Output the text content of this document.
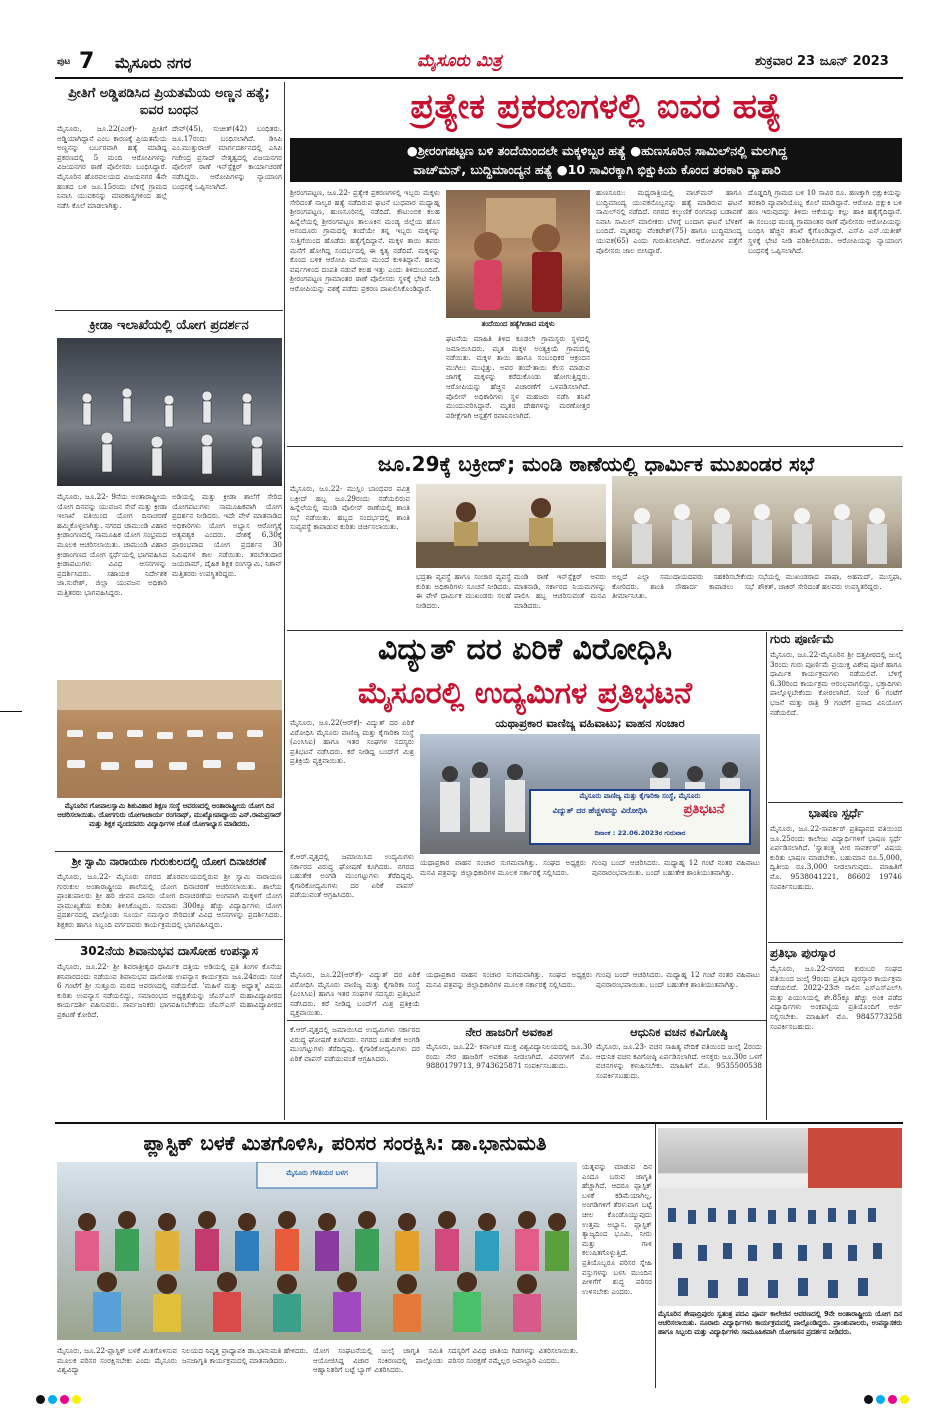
ಪುಟ 7 ಮೈಸೂರು ನಗರ	ಮೈಸೂರು ಮಿತ್ರ	ಶುಕ್ರವಾರ 23 ಜೂನ್ 2023
ಪ್ರೀತಿಗೆ ಅಡ್ಡಿಪಡಿಸಿದ ಪ್ರಿಯತಮೆಯ ಅಣ್ಣನ ಹತ್ಯೆ; ಐವರ ಬಂಧನ
ಮೈಸೂರು, ಜೂ.22(ಎಂಕೆ)- ಪ್ರೀತಿಗೆ ಅಡ್ಡಿಯಾಗಿದ್ದಾನೆ ಎಂಬ ಕಾರಣಕ್ಕೆ ಪ್ರಿಯತಮೆಯ ಅಣ್ಣನನ್ನು ಬರ್ಬರವಾಗಿ ಹತ್ಯೆ ಮಾಡಿದ್ದ ಪ್ರಕರಣದಲ್ಲಿ 5 ಮಂದಿ ಆರೋಪಿಗಳನ್ನು ವಿಜಯನಗರ ಠಾಣೆ ಪೊಲೀಸರು ಬಂಧಿಸಿದ್ದಾರೆ. ಮೈಸೂರಿನ ಹೊರವಲಯದ ವಿಜಯನಗರ 4ನೇ ಹಂತದ ಬಳಿ ಜೂ.15ರಂದು ಬೆಳಿಗ್ಗೆ ಗ್ರಾಮದ ನಿವಾಸಿ ಯುವಕನನ್ನು ಮಾರಕಾಸ್ತ್ರಗಳಿಂದ ಹಲ್ಲೆ ನಡೆಸಿ ಕೊಲೆ ಮಾಡಲಾಗಿತ್ತು.
ದೇವ್(45), ಸುಚೀತ್(42) ಬಂಧಿತರು. ಜೂ.17ರಂದು ಬಂಧಿಸಲಾಗಿದೆ. ಡಿಸಿಪಿ ಎಂ.ಮುತ್ತುರಾಜ್ ಮಾರ್ಗದರ್ಶನದಲ್ಲಿ ಎಸಿಪಿ ಗಜೇಂದ್ರ ಪ್ರಸಾದ್ ನೇತೃತ್ವದಲ್ಲಿ ವಿಜಯನಗರ ಪೊಲೀಸ್ ಠಾಣೆ ಇನ್‌ಸ್ಪೆಕ್ಟರ್ ಕಾರ್ಯಾಚರಣೆ ನಡೆಸಿದ್ದರು. ಆರೋಪಿಗಳನ್ನು ನ್ಯಾಯಾಂಗ ಬಂಧನಕ್ಕೆ ಒಪ್ಪಿಸಲಾಗಿದೆ.
ಕ್ರೀಡಾ ಇಲಾಖೆಯಲ್ಲಿ ಯೋಗ ಪ್ರದರ್ಶನ
ಮೈಸೂರು, ಜೂ.22- 9ನೆಯ ಅಂತಾರಾಷ್ಟ್ರೀಯ ಯೋಗ ದಿನವನ್ನು ಯುವಜನ ಸೇವೆ ಮತ್ತು ಕ್ರೀಡಾ ಇಲಾಖೆ ವತಿಯಿಂದ ಯೋಗ ದಿನಾಚರಣೆ ಹಮ್ಮಿಕೊಳ್ಳಲಾಗಿತ್ತು. ನಗರದ ಚಾಮುಂಡಿ ವಿಹಾರ ಕ್ರೀಡಾಂಗಣದಲ್ಲಿ ಸಾಮೂಹಿಕ ಯೋಗ ಸಂಭ್ರಮದ ಮೂಲಕ ಆಚರಿಸಲಾಯಿತು. ಚಾಮುಂಡಿ ವಿಹಾರ ಕ್ರೀಡಾಂಗಣದ ಯೋಗ ಸ್ಪರ್ಧೆಯಲ್ಲಿ ಭಾಗವಹಿಸಿದ ಕ್ರೀಡಾಪಟುಗಳು ವಿವಿಧ ಆಸನಗಳನ್ನು ಪ್ರದರ್ಶಿಸಿದರು. ಸಹಾಯಕ ನಿರ್ದೇಶಕ ಜಾ.ಸುರೇಶ್, ಜಿಲ್ಲಾ ಯುವಜನ ಅಧಿಕಾರಿ ಮತ್ತಿತರರು ಭಾಗವಹಿಸಿದ್ದರು.
ಅಡಿಯಲ್ಲಿ ಮತ್ತು ಕ್ರೀಡಾ ಶಾಲೆಗೆ ಸೇರಿದ ಯೋಗಪಟುಗಳು ಸಾಮೂಹಿಕವಾಗಿ ಯೋಗ ಪ್ರದರ್ಶನ ನೀಡಿದರು. ಇದೇ ವೇಳೆ ಮಾತನಾಡಿದ ಅಧಿಕಾರಿಗಳು ಯೋಗ ಅಭ್ಯಾಸ ಆರೋಗ್ಯಕ್ಕೆ ಅತ್ಯವಶ್ಯಕ ಎಂದರು. ದೇಶಕ್ಕೆ 6,30ಕ್ಕೆ ಪ್ರಾರಂಭವಾದ ಯೋಗ ಪ್ರದರ್ಶನ 30 ನಿಮಿಷಗಳ ಕಾಲ ನಡೆಯಿತು. ತರಬೇತುದಾರ ಜಯರಾಮ್, ದೈಹಿಕ ಶಿಕ್ಷಕ ರಂಗಸ್ವಾಮಿ, ನಿಶಾನ್ ಮತ್ತಿತರರು ಉಪಸ್ಥಿತರಿದ್ದರು.
ಮೈಸೂರಿನ ಗೋಪಾಲಸ್ವಾಮಿ ಶಿಶುವಿಹಾರ ಶಿಕ್ಷಣ ಸಂಸ್ಥೆ ಆವರಣದಲ್ಲಿ ಅಂತಾರಾಷ್ಟ್ರೀಯ ಯೋಗ ದಿನ ಆಚರಿಸಲಾಯಿತು. ಯೋಗಗುರು ಯೋಗಾಚಾರ್ಯ ರಂಗನಾಥ್, ಮುಖ್ಯೋಪಾಧ್ಯಾಯ ಎನ್.ರಾಮಪ್ರಸಾದ್ ಮತ್ತು ಶಿಕ್ಷಕ ವೃಂದದವರು ವಿದ್ಯಾರ್ಥಿಗಳ ಜೊತೆ ಯೋಗಾಭ್ಯಾಸ ಮಾಡಿದರು.
ಶ್ರೀ ಸ್ವಾಮಿ ನಾರಾಯಣ ಗುರುಕುಲದಲ್ಲಿ ಯೋಗ ದಿನಾಚರಣೆ
ಮೈಸೂರು, ಜೂ.22- ಮೈಸೂರು ನಗರದ ಹೊರವಲಯದಲ್ಲಿರುವ ಶ್ರೀ ಸ್ವಾಮಿ ನಾರಾಯಣ ಗುರುಕುಲ ಅಂತಾರಾಷ್ಟ್ರೀಯ ಶಾಲೆಯಲ್ಲಿ ಯೋಗ ದಿನಾಚರಣೆ ಆಚರಿಸಲಾಯಿತು. ಶಾಲೆಯ ಪ್ರಾಂಶುಪಾಲರು ಶ್ರೀ ಹರಿ ಜೀವನ ದಾಸರು ಯೋಗ ದಿನಾಚರಣೆಯ ಅಂಗವಾಗಿ ಮಕ್ಕಳಿಗೆ ಯೋಗ ಪ್ರಾಮುಖ್ಯತೆಯ ಕುರಿತು ತಿಳಿಸಿಕೊಟ್ಟರು. ಸುಮಾರು 300ಕ್ಕೂ ಹೆಚ್ಚು ವಿದ್ಯಾರ್ಥಿಗಳು ಯೋಗ ಪ್ರದರ್ಶನದಲ್ಲಿ ಪಾಲ್ಗೊಂಡು ಸೂರ್ಯ ನಮಸ್ಕಾರ ಸೇರಿದಂತೆ ವಿವಿಧ ಆಸನಗಳನ್ನು ಪ್ರದರ್ಶಿಸಿದರು. ಶಿಕ್ಷಕರು ಹಾಗೂ ಸಿಬ್ಬಂದಿ ವರ್ಗದವರು ಕಾರ್ಯಕ್ರಮದಲ್ಲಿ ಭಾಗವಹಿಸಿದ್ದರು.
302ನೆಯ ಶಿವಾನುಭವ ದಾಸೋಹ ಉಪನ್ಯಾಸ
ಮೈಸೂರು, ಜೂ.22- ಶ್ರೀ ಶಿವರಾತ್ರೀಶ್ವರ ಧಾರ್ಮಿಕ ದತ್ತಿಯ ಅಡಿಯಲ್ಲಿ ಪ್ರತಿ ತಿಂಗಳ ಕೊನೆಯ ಶನಿವಾರದಂದು ನಡೆಯುವ ಶಿವಾನುಭವ ದಾಸೋಹ ಉಪನ್ಯಾಸ ಕಾರ್ಯಕ್ರಮ ಜೂ.24ರಂದು ಸಂಜೆ 6 ಗಂಟೆಗೆ ಶ್ರೀ ಸುತ್ತೂರು ಮಠದ ಆವರಣದಲ್ಲಿ ನಡೆಯಲಿದೆ. 'ಮಹಿಳೆ ಮತ್ತು ಅಧ್ಯಾತ್ಮ' ವಿಷಯ ಕುರಿತು ಉಪನ್ಯಾಸ ನಡೆಯಲಿದ್ದು, ಸಮಾರಂಭದ ಅಧ್ಯಕ್ಷತೆಯನ್ನು ಜೆಎಸ್‌ಎಸ್ ಮಹಾವಿದ್ಯಾಪೀಠದ ಕಾರ್ಯದರ್ಶಿ ವಹಿಸುವರು. ಸಾರ್ವಜನಿಕರು ಭಾಗವಹಿಸಬೇಕೆಂದು ಜೆಎಸ್‌ಎಸ್ ಮಹಾವಿದ್ಯಾಪೀಠದ ಪ್ರಕಟಣೆ ಕೋರಿದೆ.
ಪ್ರತ್ಯೇಕ ಪ್ರಕರಣಗಳಲ್ಲಿ ಐವರ ಹತ್ಯೆ
●ಶ್ರೀರಂಗಪಟ್ಟಣ ಬಳಿ ತಂದೆಯಿಂದಲೇ ಮಕ್ಕಳಿಬ್ಬರ ಹತ್ಯೆ ●ಹುಣಸೂರಿನ ಸಾಮಿಲ್‌ನಲ್ಲಿ ಮಲಗಿದ್ದ
ವಾಚ್‌ಮನ್, ಬುದ್ಧಿಮಾಂದ್ಯನ ಹತ್ಯೆ ●10 ಸಾವಿರಕ್ಕಾಗಿ ಭಿಕ್ಷುಕಿಯ ಕೊಂದ ತರಕಾರಿ ವ್ಯಾಪಾರಿ
ಶ್ರೀರಂಗಪಟ್ಟಣ, ಜೂ.22- ಪ್ರತ್ಯೇಕ ಪ್ರಕರಣಗಳಲ್ಲಿ ಇಬ್ಬರು ಮಕ್ಕಳು ಸೇರಿದಂತೆ ನಾಲ್ವರ ಹತ್ಯೆ ನಡೆದಿರುವ ಘಟನೆ ಬುಧವಾರ ಮಧ್ಯಾಹ್ನ ಶ್ರೀರಂಗಪಟ್ಟಣ, ಹುಣಸೂರಿನಲ್ಲಿ ನಡೆದಿದೆ. ಕೌಟುಂಬಿಕ ಕಲಹ ಹಿನ್ನೆಲೆಯಲ್ಲಿ ಶ್ರೀರಂಗಪಟ್ಟಣ ತಾಲೂಕಿನ ಮಂಡ್ಯ ಜಿಲ್ಲೆಯ ಹೊಸ ಆನಂದೂರು ಗ್ರಾಮದಲ್ಲಿ ತಂದೆಯೇ ತನ್ನ ಇಬ್ಬರು ಮಕ್ಕಳನ್ನು ಸುತ್ತಿಗೆಯಿಂದ ಹೊಡೆದು ಹತ್ಯೆಗೈದಿದ್ದಾನೆ. ಮಕ್ಕಳ ತಾಯಿ ತವರು ಮನೆಗೆ ಹೋಗಿದ್ದ ಸಂದರ್ಭದಲ್ಲಿ ಈ ಕೃತ್ಯ ನಡೆದಿದೆ. ಮಕ್ಕಳನ್ನು ಕೊಂದ ಬಳಿಕ ಆರೋಪಿ ಮನೆಯ ಮುಂದೆ ಕುಳಿತಿದ್ದಾನೆ. ಹಲವು ವರ್ಷಗಳಿಂದ ದಂಪತಿ ನಡುವೆ ಕಲಹ ಇತ್ತು ಎಂದು ತಿಳಿದುಬಂದಿದೆ. ಶ್ರೀರಂಗಪಟ್ಟಣ ಗ್ರಾಮಾಂತರ ಠಾಣೆ ಪೊಲೀಸರು ಸ್ಥಳಕ್ಕೆ ಭೇಟಿ ನೀಡಿ ಆರೋಪಿಯನ್ನು ವಶಕ್ಕೆ ಪಡೆದು ಪ್ರಕರಣ ದಾಖಲಿಸಿಕೊಂಡಿದ್ದಾರೆ.
ತಂದೆಯಿಂದ ಹತ್ಯೆಗೀಡಾದ ಮಕ್ಕಳು
ಘಟನೆಯ ಮಾಹಿತಿ ತಿಳಿದ ಕೂಡಲೇ ಗ್ರಾಮಸ್ಥರು ಸ್ಥಳದಲ್ಲಿ ಜಮಾಯಿಸಿದರು. ಮೃತ ಮಕ್ಕಳ ಅಂತ್ಯಕ್ರಿಯೆ ಗ್ರಾಮದಲ್ಲಿ ನಡೆಯಿತು. ಮಕ್ಕಳ ತಾಯಿ ಹಾಗೂ ಸಂಬಂಧಿಕರ ಆಕ್ರಂದನ ಮುಗಿಲು ಮುಟ್ಟಿತ್ತು. ಅವರ ತಂದೆ-ತಾಯಿ ಕೆಲಸ ಮಾಡುವ ಜಾಗಕ್ಕೆ ಮಕ್ಕಳನ್ನು ಕರೆದುಕೊಂಡು ಹೋಗುತ್ತಿದ್ದರು. ಆರೋಪಿಯನ್ನು ಹೆಚ್ಚಿನ ವಿಚಾರಣೆಗೆ ಒಳಪಡಿಸಲಾಗಿದೆ. ಪೊಲೀಸ್ ಅಧಿಕಾರಿಗಳು ಸ್ಥಳ ಮಹಜರು ನಡೆಸಿ ತನಿಖೆ ಮುಂದುವರಿಸಿದ್ದಾರೆ. ಮೃತರ ದೇಹಗಳನ್ನು ಮರಣೋತ್ತರ ಪರೀಕ್ಷೆಗಾಗಿ ಆಸ್ಪತ್ರೆಗೆ ರವಾನಿಸಲಾಗಿದೆ.
ಹುಣಸೂರು: ಮಧ್ಯರಾತ್ರಿಯಲ್ಲಿ ವಾಚ್‌ಮನ್ ಹಾಗೂ ಬುದ್ಧಿಮಾಂದ್ಯ ಯುವಕನೊಬ್ಬನನ್ನು ಹತ್ಯೆ ಮಾಡಿರುವ ಘಟನೆ ಸಾಮಿಲ್‌ನಲ್ಲಿ ನಡೆದಿದೆ. ನಗರದ ಕಲ್ಕುಣಿಕೆ ರಂಗನಾಥ ಬಡಾವಣೆ ನಿವಾಸಿ ಸಾಮಿಲ್ ಮಾಲೀಕರು ಬೆಳಗ್ಗೆ ಬಂದಾಗ ಘಟನೆ ಬೆಳಕಿಗೆ ಬಂದಿದೆ. ಮೃತರನ್ನು ವೆಂಕಟೇಶ್(75) ಹಾಗೂ ಬುದ್ಧಿಮಾಂದ್ಯ ಯುವಕ(65) ಎಂದು ಗುರುತಿಸಲಾಗಿದೆ. ಆರೋಪಿಗಳ ಪತ್ತೆಗೆ ಪೊಲೀಸರು ಜಾಲ ಬೀಸಿದ್ದಾರೆ.
ದೊಡ್ಡದಿಗ್ಗಿ ಗ್ರಾಮದ ಬಳಿ 10 ಸಾವಿರ ರೂ. ಹಣಕ್ಕಾಗಿ ಭಿಕ್ಷುಕಿಯನ್ನು ತರಕಾರಿ ವ್ಯಾಪಾರಿಯೊಬ್ಬ ಕೊಲೆ ಮಾಡಿದ್ದಾನೆ. ಆರೋಪಿ ಭಿಕ್ಷುಕಿ ಬಳಿ ಹಣ ಇರುವುದನ್ನು ತಿಳಿದು ಆಕೆಯನ್ನು ಕಲ್ಲು ಹಾಕಿ ಹತ್ಯೆಗೈದಿದ್ದಾನೆ. ಈ ಸಂಬಂಧ ಮಂಡ್ಯ ಗ್ರಾಮಾಂತರ ಠಾಣೆ ಪೊಲೀಸರು ಆರೋಪಿಯನ್ನು ಬಂಧಿಸಿ ಹೆಚ್ಚಿನ ತನಿಖೆ ಕೈಗೊಂಡಿದ್ದಾರೆ. ಎಸ್‌ಪಿ ಎನ್.ಯತೀಶ್ ಸ್ಥಳಕ್ಕೆ ಭೇಟಿ ನೀಡಿ ಪರಿಶೀಲಿಸಿದರು. ಆರೋಪಿಯನ್ನು ನ್ಯಾಯಾಂಗ ಬಂಧನಕ್ಕೆ ಒಪ್ಪಿಸಲಾಗಿದೆ.
ಜೂ.29ಕ್ಕೆ ಬಕ್ರೀದ್; ಮಂಡಿ ಠಾಣೆಯಲ್ಲಿ ಧಾರ್ಮಿಕ ಮುಖಂಡರ ಸಭೆ
ಮೈಸೂರು, ಜೂ.22- ಮುಸ್ಲಿಂ ಬಾಂಧವರ ಪವಿತ್ರ ಬಕ್ರೀದ್ ಹಬ್ಬ ಜೂ.29ರಂದು ನಡೆಯಲಿರುವ ಹಿನ್ನೆಲೆಯಲ್ಲಿ ಮಂಡಿ ಪೊಲೀಸ್ ಠಾಣೆಯಲ್ಲಿ ಶಾಂತಿ ಸಭೆ ನಡೆಯಿತು. ಹಬ್ಬದ ಸಂದರ್ಭದಲ್ಲಿ ಶಾಂತಿ ಸುವ್ಯವಸ್ಥೆ ಕಾಪಾಡುವ ಕುರಿತು ಚರ್ಚಿಸಲಾಯಿತು.
ಭದ್ರತಾ ವ್ಯವಸ್ಥೆ ಹಾಗೂ ಸಂಚಾರ ವ್ಯವಸ್ಥೆ ಕುರಿತು ಅಧಿಕಾರಿಗಳು ಸೂಚನೆ ನೀಡಿದರು. ಈ ವೇಳೆ ಧಾರ್ಮಿಕ ಮುಖಂಡರು ಸಲಹೆ ನೀಡಿದರು.
ಮಂಡಿ ಠಾಣೆ ಇನ್‌ಸ್ಪೆಕ್ಟರ್ ಅವರು ಮಾತನಾಡಿ, ಸರ್ಕಾರದ ನಿಯಮಗಳನ್ನು ಪಾಲಿಸಿ ಹಬ್ಬ ಆಚರಿಸುವಂತೆ ಮನವಿ ಮಾಡಿದರು.
ಅಲ್ಲದೆ ಎಲ್ಲಾ ಸಮುದಾಯದವರು ಸಹಕರಿಸಬೇಕೆಂದು ಕೋರಿದರು. ಶಾಂತಿ ಸೌಹಾರ್ದ ಕಾಪಾಡಲು ಸಭೆ ತೀರ್ಮಾನಿಸಿತು.
ಸಭೆಯಲ್ಲಿ ಮುಖಂಡರಾದ ಪಾಷಾ, ಅಹಮದ್, ಮುಸ್ತಫಾ, ಶೌಕತ್, ಜಾಕಿರ್ ಸೇರಿದಂತೆ ಹಲವರು ಉಪಸ್ಥಿತರಿದ್ದರು.
ವಿದ್ಯುತ್ ದರ ಏರಿಕೆ ವಿರೋಧಿಸಿ
ಮೈಸೂರಲ್ಲಿ ಉದ್ಯಮಿಗಳ ಪ್ರತಿಭಟನೆ
ಯಥಾಪ್ರಕಾರ ವಾಣಿಜ್ಯ ವಹಿವಾಟು; ವಾಹನ ಸಂಚಾರ
ಮೈಸೂರು, ಜೂ.22(ಆರ್‌ಕೆ)- ವಿದ್ಯುತ್ ದರ ಏರಿಕೆ ವಿರೋಧಿಸಿ ಮೈಸೂರು ವಾಣಿಜ್ಯ ಮತ್ತು ಕೈಗಾರಿಕಾ ಸಂಸ್ಥೆ (ಎಂಸಿಸಿಐ) ಹಾಗೂ ಇತರ ಸಂಘಗಳ ಸದಸ್ಯರು ಪ್ರತಿಭಟನೆ ನಡೆಸಿದರು. ಕರೆ ನೀಡಿದ್ದ ಬಂದ್‌ಗೆ ಮಿಶ್ರ ಪ್ರತಿಕ್ರಿಯೆ ವ್ಯಕ್ತವಾಯಿತು.
ಮೈಸೂರು ವಾಣಿಜ್ಯ ಮತ್ತು ಕೈಗಾರಿಕಾ ಸಂಸ್ಥೆ, ಮೈಸೂರು
ವಿದ್ಯುತ್ ದರ ಹೆಚ್ಚಳವನ್ನು ವಿರೋಧಿಸಿ	ಪ್ರತಿಭಟನೆ
ದಿನಾಂಕ : 22.06.2023ರ ಗುರುವಾರ
ಕೆ.ಆರ್.ವೃತ್ತದಲ್ಲಿ ಜಮಾಯಿಸಿದ ಉದ್ಯಮಿಗಳು ಸರ್ಕಾರದ ವಿರುದ್ಧ ಘೋಷಣೆ ಕೂಗಿದರು. ನಗರದ ಬಹುತೇಕ ಅಂಗಡಿ ಮುಂಗಟ್ಟುಗಳು ತೆರೆದಿದ್ದವು. ಕೈಗಾರಿಕೋದ್ಯಮಿಗಳು ದರ ಏರಿಕೆ ವಾಪಸ್ ಪಡೆಯುವಂತೆ ಆಗ್ರಹಿಸಿದರು.
ಯಥಾಪ್ರಕಾರ ವಾಹನ ಸಂಚಾರ ಸುಗಮವಾಗಿತ್ತು. ಸಂಘದ ಅಧ್ಯಕ್ಷರು ಮನವಿ ಪತ್ರವನ್ನು ಜಿಲ್ಲಾಧಿಕಾರಿಗಳ ಮೂಲಕ ಸರ್ಕಾರಕ್ಕೆ ಸಲ್ಲಿಸಿದರು.
ಗುಂಪು ಬಂದ್ ಆಚರಿಸಿದರು. ಮಧ್ಯಾಹ್ನ 12 ಗಂಟೆ ನಂತರ ವಹಿವಾಟು ಪುನರಾರಂಭವಾಯಿತು. ಬಂದ್ ಬಹುತೇಕ ಶಾಂತಿಯುತವಾಗಿತ್ತು.
ಮೈಸೂರು, ಜೂ.22(ಆರ್‌ಕೆ)- ವಿದ್ಯುತ್ ದರ ಏರಿಕೆ ವಿರೋಧಿಸಿ ಮೈಸೂರು ವಾಣಿಜ್ಯ ಮತ್ತು ಕೈಗಾರಿಕಾ ಸಂಸ್ಥೆ (ಎಂಸಿಸಿಐ) ಹಾಗೂ ಇತರ ಸಂಘಗಳ ಸದಸ್ಯರು ಪ್ರತಿಭಟನೆ ನಡೆಸಿದರು. ಕರೆ ನೀಡಿದ್ದ ಬಂದ್‌ಗೆ ಮಿಶ್ರ ಪ್ರತಿಕ್ರಿಯೆ ವ್ಯಕ್ತವಾಯಿತು.
ಯಥಾಪ್ರಕಾರ ವಾಹನ ಸಂಚಾರ ಸುಗಮವಾಗಿತ್ತು. ಸಂಘದ ಅಧ್ಯಕ್ಷರು ಮನವಿ ಪತ್ರವನ್ನು ಜಿಲ್ಲಾಧಿಕಾರಿಗಳ ಮೂಲಕ ಸರ್ಕಾರಕ್ಕೆ ಸಲ್ಲಿಸಿದರು.
ಗುಂಪು ಬಂದ್ ಆಚರಿಸಿದರು. ಮಧ್ಯಾಹ್ನ 12 ಗಂಟೆ ನಂತರ ವಹಿವಾಟು ಪುನರಾರಂಭವಾಯಿತು. ಬಂದ್ ಬಹುತೇಕ ಶಾಂತಿಯುತವಾಗಿತ್ತು.
ನೇರ ಹಾಜರಿಗೆ ಅವಕಾಶ
ಮೈಸೂರು, ಜೂ.22- ಕರ್ನಾಟಕ ಮುಕ್ತ ವಿಶ್ವವಿದ್ಯಾನಿಲಯದಲ್ಲಿ ಜೂ.30 ರಂದು ನೇರ ಹಾಜರಿಗೆ ಅವಕಾಶ ನೀಡಲಾಗಿದೆ. ವಿವರಗಳಿಗೆ ಮೊ. 9880179713, 9743625871 ಸಂಪರ್ಕಿಸಬಹುದು.
ಆಧುನಿಕ ವಚನ ಕವಿಗೋಷ್ಠಿ
ಮೈಸೂರು, ಜೂ.23- ವಚನ ಸಾಹಿತ್ಯ ವೇದಿಕೆ ವತಿಯಿಂದ ಜುಲೈ 2ರಂದು ಆಧುನಿಕ ವಚನ ಕವಿಗೋಷ್ಠಿ ಏರ್ಪಡಿಸಲಾಗಿದೆ. ಆಸಕ್ತರು ಜೂ.30ರ ಒಳಗೆ ವಚನಗಳನ್ನು ಕಳುಹಿಸಬೇಕು. ಮಾಹಿತಿಗೆ ಮೊ. 9535500538 ಸಂಪರ್ಕಿಸಬಹುದು.
ಕೆ.ಆರ್.ವೃತ್ತದಲ್ಲಿ ಜಮಾಯಿಸಿದ ಉದ್ಯಮಿಗಳು ಸರ್ಕಾರದ ವಿರುದ್ಧ ಘೋಷಣೆ ಕೂಗಿದರು. ನಗರದ ಬಹುತೇಕ ಅಂಗಡಿ ಮುಂಗಟ್ಟುಗಳು ತೆರೆದಿದ್ದವು. ಕೈಗಾರಿಕೋದ್ಯಮಿಗಳು ದರ ಏರಿಕೆ ವಾಪಸ್ ಪಡೆಯುವಂತೆ ಆಗ್ರಹಿಸಿದರು.
ಗುರು ಪೂರ್ಣಿಮೆ
ಮೈಸೂರು, ಜೂ.22-ಮೈಸೂರಿನ ಶ್ರೀ ದತ್ತಪೀಠದಲ್ಲಿ ಜುಲೈ 3ರಂದು ಗುರು ಪೂರ್ಣಿಮೆ ಪ್ರಯುಕ್ತ ವಿಶೇಷ ಪೂಜೆ ಹಾಗೂ ಧಾರ್ಮಿಕ ಕಾರ್ಯಕ್ರಮಗಳು ನಡೆಯಲಿವೆ. ಬೆಳಿಗ್ಗೆ 6.30ರಿಂದ ಕಾರ್ಯಕ್ರಮ ಆರಂಭವಾಗಲಿದ್ದು, ಭಕ್ತಾದಿಗಳು ಪಾಲ್ಗೊಳ್ಳಬೇಕೆಂದು ಕೋರಲಾಗಿದೆ. ಸಂಜೆ 6 ಗಂಟೆಗೆ ಭಜನೆ ಮತ್ತು ರಾತ್ರಿ 9 ಗಂಟೆಗೆ ಪ್ರಸಾದ ವಿನಿಯೋಗ ನಡೆಯಲಿದೆ.
ಭಾಷಣ ಸ್ಪರ್ಧೆ
ಮೈಸೂರು, ಜೂ.22-ಸಾವರ್ಕರ್ ಪ್ರತಿಷ್ಠಾನದ ವತಿಯಿಂದ ಜೂ.25ರಂದು ಕಾಲೇಜು ವಿದ್ಯಾರ್ಥಿಗಳಿಗೆ ಭಾಷಣ ಸ್ಪರ್ಧೆ ಏರ್ಪಡಿಸಲಾಗಿದೆ. 'ಸ್ವಾತಂತ್ರ್ಯ ವೀರ ಸಾವರ್ಕರ್' ವಿಷಯ ಕುರಿತು ಭಾಷಣ ಮಾಡಬೇಕು. ಬಹುಮಾನ ರೂ.5,000, ದ್ವಿತೀಯ ರೂ.3,000 ನೀಡಲಾಗುವುದು. ಮಾಹಿತಿಗೆ ಮೊ. 9538041221, 86602 19746 ಸಂಪರ್ಕಿಸಬಹುದು.
ಪ್ರತಿಭಾ ಪುರಸ್ಕಾರ
ಮೈಸೂರು, ಜೂ.22-ನಗರದ ಕುರುಬರ ಸಂಘದ ವತಿಯಿಂದ ಜುಲೈ 9ರಂದು ಪ್ರತಿಭಾ ಪುರಸ್ಕಾರ ಕಾರ್ಯಕ್ರಮ ನಡೆಯಲಿದೆ. 2022-23ನೇ ಸಾಲಿನ ಎಸ್‌ಎಸ್‌ಎಲ್‌ಸಿ ಮತ್ತು ಪಿಯುಸಿಯಲ್ಲಿ ಶೇ.85ಕ್ಕೂ ಹೆಚ್ಚು ಅಂಕ ಪಡೆದ ವಿದ್ಯಾರ್ಥಿಗಳು ಅಂಕಪಟ್ಟಿಯ ಪ್ರತಿಯೊಂದಿಗೆ ಅರ್ಜಿ ಸಲ್ಲಿಸಬೇಕು. ಮಾಹಿತಿಗೆ ಮೊ. 9845773258 ಸಂಪರ್ಕಿಸಬಹುದು.
ಪ್ಲಾಸ್ಟಿಕ್ ಬಳಕೆ ಮಿತಗೊಳಿಸಿ, ಪರಿಸರ ಸಂರಕ್ಷಿಸಿ: ಡಾ.ಭಾನುಮತಿ
ಮೈಸೂರು ಗೆಳತಿಯರ ಬಳಗ
ಯತ್ನವನ್ನು ಮಾಡುವ ದಿನ ಎಂದೂ ಬರುವ ಜಾಗೃತಿ ಹೆಚ್ಚಾಗಿದೆ. ಆದರೂ ಪ್ಲಾಸ್ಟಿಕ್ ಬಳಕೆ ಕಡಿಮೆಯಾಗಿಲ್ಲ. ಅಂಗಡಿಗಳಿಗೆ ತೆರಳುವಾಗ ಬಟ್ಟೆ ಚೀಲ ಕೊಂಡೊಯ್ಯುವುದು ಉತ್ತಮ ಅಭ್ಯಾಸ. ಪ್ಲಾಸ್ಟಿಕ್ ತ್ಯಾಜ್ಯದಿಂದ ಭೂಮಿ, ನೀರು ಮತ್ತು ಗಾಳಿ ಕಲುಷಿತಗೊಳ್ಳುತ್ತಿದೆ. ಪ್ರತಿಯೊಬ್ಬರೂ ಪರಿಸರ ಸ್ನೇಹಿ ವಸ್ತುಗಳನ್ನು ಬಳಸಿ ಮುಂದಿನ ಪೀಳಿಗೆಗೆ ಶುದ್ಧ ಪರಿಸರ ಉಳಿಸಬೇಕು ಎಂದರು.
ಮೈಸೂರು, ಜೂ.22-ಪ್ಲಾಸ್ಟಿಕ್ ಬಳಕೆ ಮಿತಗೊಳಿಸುವ ಮೂಲಕ ಪರಿಸರ ಸಂರಕ್ಷಿಸಬೇಕು ಎಂದು ಮೈಸೂರು ವಿಶ್ವವಿದ್ಯಾ
ನಿಲಯದ ನಿವೃತ್ತ ಪ್ರಾಧ್ಯಾಪಕಿ ಡಾ.ಭಾನುಮತಿ ಹೇಳಿದರು. ಜನಜಾಗೃತಿ ಕಾರ್ಯಕ್ರಮದಲ್ಲಿ ಮಾತನಾಡಿದರು.
ಯೋಗ ಸಂಘಟನೆಯಲ್ಲಿ ಜುಲೈ ಜಾಗೃತಿ ಸಮಿತಿ ಆಯೋಜಿಸಿದ್ದ ವಿಚಾರ ಸಂಕಿರಣದಲ್ಲಿ ಪಾಲ್ಗೊಂಡು ಆಹ್ವಾನಿತರಿಗೆ ಬಟ್ಟೆ ಬ್ಯಾಗ್ ವಿತರಿಸಿದರು.
ಸದಸ್ಯರಿಗೆ ವಿವಿಧ ಜಾತಿಯ ಗಿಡಗಳನ್ನು ವಿತರಿಸಲಾಯಿತು. ಪರಿಸರ ಸಂರಕ್ಷಣೆ ನಮ್ಮೆಲ್ಲರ ಜವಾಬ್ದಾರಿ ಎಂದರು.
ಮೈಸೂರಿನ ಶೇಷಾದ್ರಿಪುರಂ ಸ್ವತಂತ್ರ ಪದವಿ ಪೂರ್ವ ಕಾಲೇಜಿನ ಆವರಣದಲ್ಲಿ 9ನೇ ಅಂತಾರಾಷ್ಟ್ರೀಯ ಯೋಗ ದಿನ ಆಚರಿಸಲಾಯಿತು. ನೂರಾರು ವಿದ್ಯಾರ್ಥಿಗಳು ಕಾರ್ಯಕ್ರಮದಲ್ಲಿ ಪಾಲ್ಗೊಂಡಿದ್ದರು. ಪ್ರಾಂಶುಪಾಲರು, ಉಪನ್ಯಾಸಕರು ಹಾಗೂ ಸಿಬ್ಬಂದಿ ಮತ್ತು ವಿದ್ಯಾರ್ಥಿಗಳು ಸಾಮೂಹಿಕವಾಗಿ ಯೋಗಾಸನ ಪ್ರದರ್ಶನ ನೀಡಿದರು.
